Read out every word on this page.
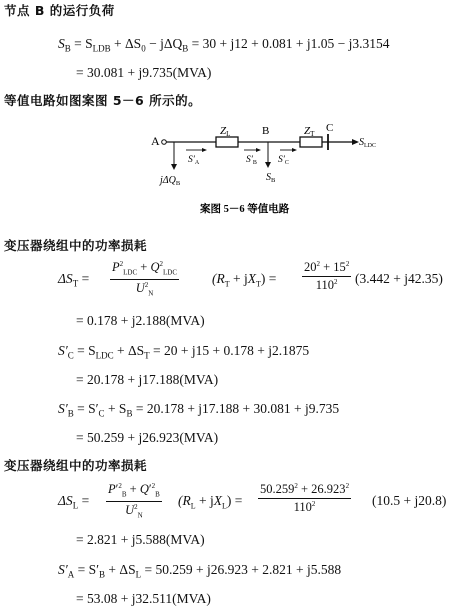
节点 B 的运行负荷
$S_B = S_{LDB} + \Delta S_0 - j\Delta Q_B = 30 + j12 + 0.081 + j1.05 - j3.3154$
= 30.081 + j9.735(MVA)
等值电路如图案图 5－6 所示的。
A
ZL	B	ZT C
$S_{LDC}$
$S'_A$
jΔQ$_B$
$S'_B$
$S_B$
$S'_C$
案图 5－6 等值电路
变压器绕组中的功率损耗
$\Delta S_T$ =
$P^2_{LDC} + Q^2_{LDC}$
$U^2_N$
$(R_T + jX_T)$ =
$20^2 + 15^2$
$110^2$	(3.442 + j42.35)
= 0.178 + j2.188(MVA)
$S'_C = S_{LDC} + \Delta S_T = 20 + j15 + 0.178 + j2.1875$
= 20.178 + j17.188(MVA)
$S'_B = S'_C + S_B = 20.178 + j17.188 + 30.081 + j9.735$
= 50.259 + j26.923(MVA)
变压器绕组中的功率损耗
$\Delta S_L$ =
$P'^2_B + Q'^2_B$
$U^2_N$
$(R_L + jX_L)$ =
$50.259^2 + 26.923^2$
$110^2$	(10.5 + j20.8)
= 2.821 + j5.588(MVA)
$S'_A = S'_B + \Delta S_L = 50.259 + j26.923 + 2.821 + j5.588$
= 53.08 + j32.511(MVA)
